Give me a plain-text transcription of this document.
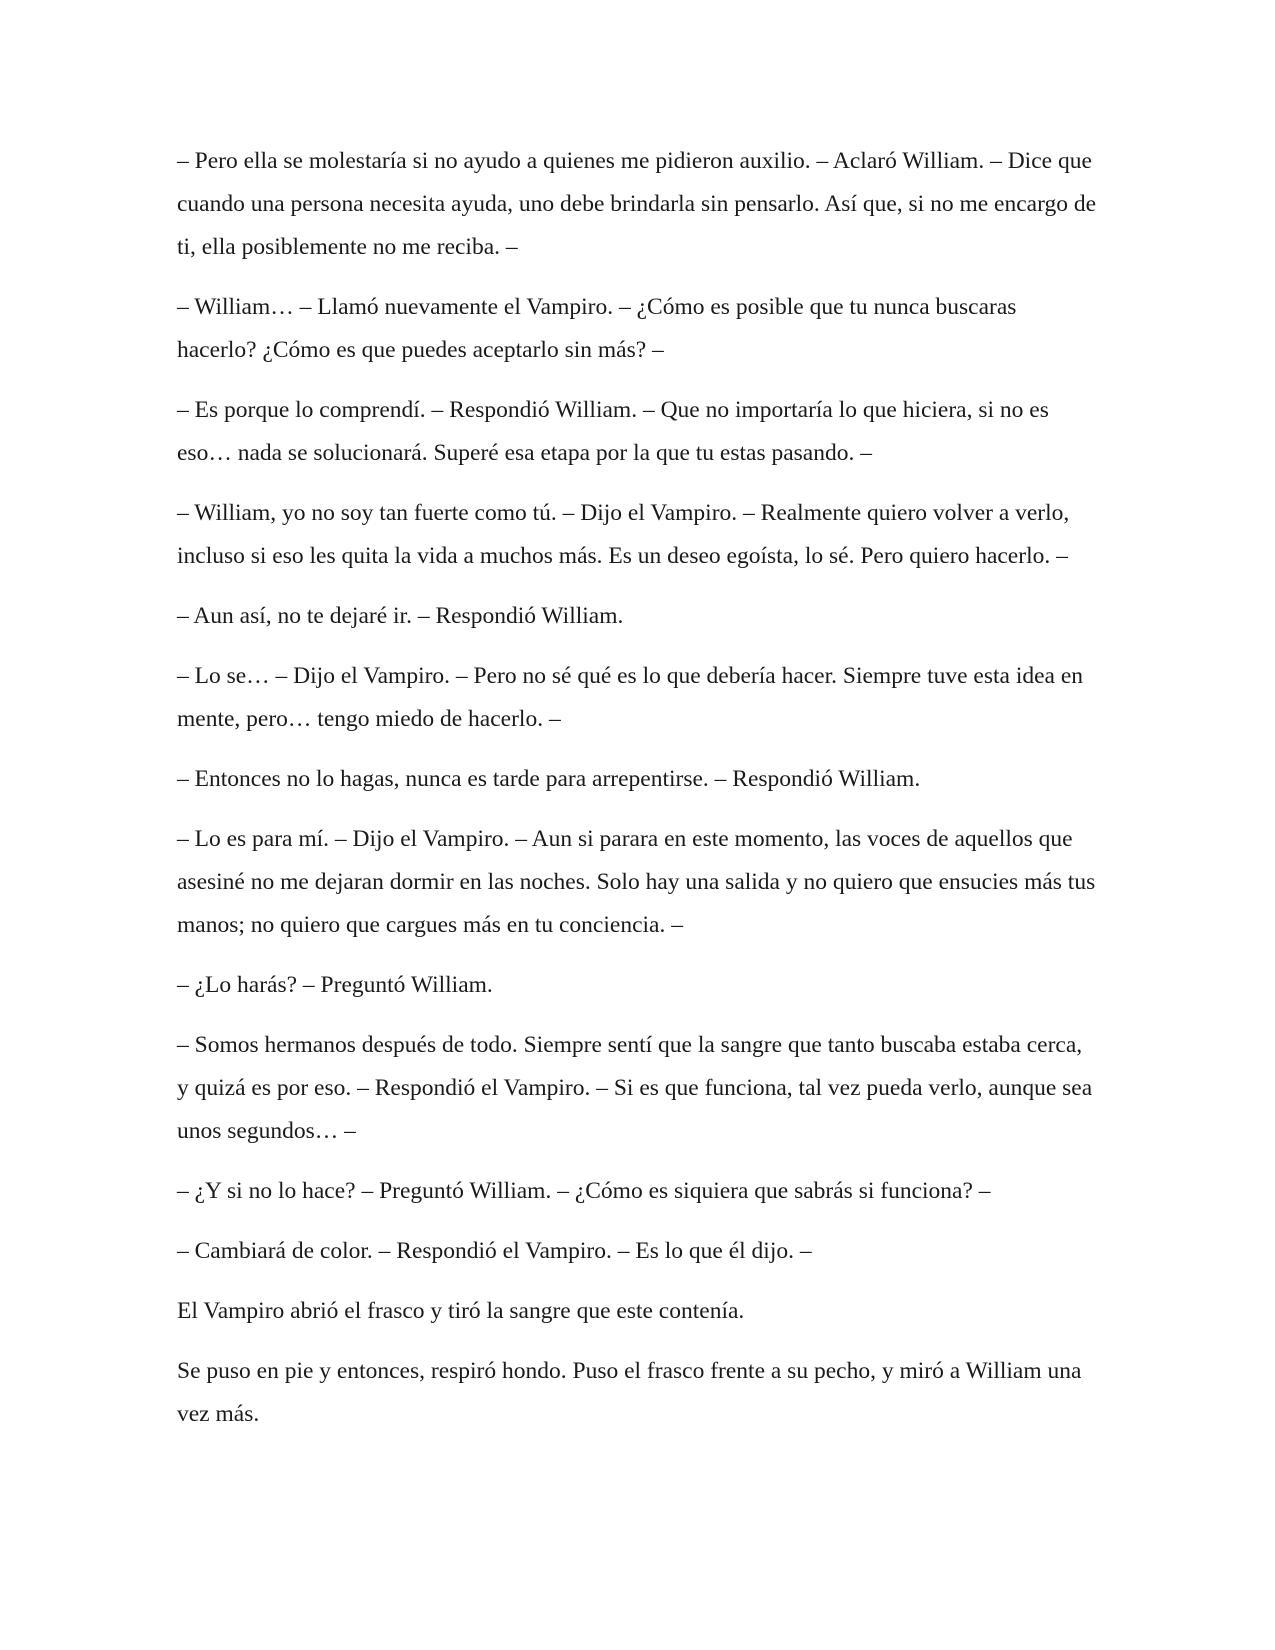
– Pero ella se molestaría si no ayudo a quienes me pidieron auxilio. – Aclaró William. – Dice que cuando una persona necesita ayuda, uno debe brindarla sin pensarlo. Así que, si no me encargo de ti, ella posiblemente no me reciba. –

– William… – Llamó nuevamente el Vampiro. – ¿Cómo es posible que tu nunca buscaras hacerlo? ¿Cómo es que puedes aceptarlo sin más? –

– Es porque lo comprendí. – Respondió William. – Que no importaría lo que hiciera, si no es eso… nada se solucionará. Superé esa etapa por la que tu estas pasando. –

– William, yo no soy tan fuerte como tú. – Dijo el Vampiro. – Realmente quiero volver a verlo, incluso si eso les quita la vida a muchos más. Es un deseo egoísta, lo sé. Pero quiero hacerlo. –

– Aun así, no te dejaré ir. – Respondió William.

– Lo se… – Dijo el Vampiro. – Pero no sé qué es lo que debería hacer. Siempre tuve esta idea en mente, pero… tengo miedo de hacerlo. –

– Entonces no lo hagas, nunca es tarde para arrepentirse. – Respondió William.

– Lo es para mí. – Dijo el Vampiro. – Aun si parara en este momento, las voces de aquellos que asesiné no me dejaran dormir en las noches. Solo hay una salida y no quiero que ensucies más tus manos; no quiero que cargues más en tu conciencia. –

– ¿Lo harás? – Preguntó William.

– Somos hermanos después de todo. Siempre sentí que la sangre que tanto buscaba estaba cerca, y quizá es por eso. – Respondió el Vampiro. – Si es que funciona, tal vez pueda verlo, aunque sea unos segundos… –

– ¿Y si no lo hace? – Preguntó William. – ¿Cómo es siquiera que sabrás si funciona? –

– Cambiará de color. – Respondió el Vampiro. – Es lo que él dijo. –

El Vampiro abrió el frasco y tiró la sangre que este contenía.

Se puso en pie y entonces, respiró hondo. Puso el frasco frente a su pecho, y miró a William una vez más.
